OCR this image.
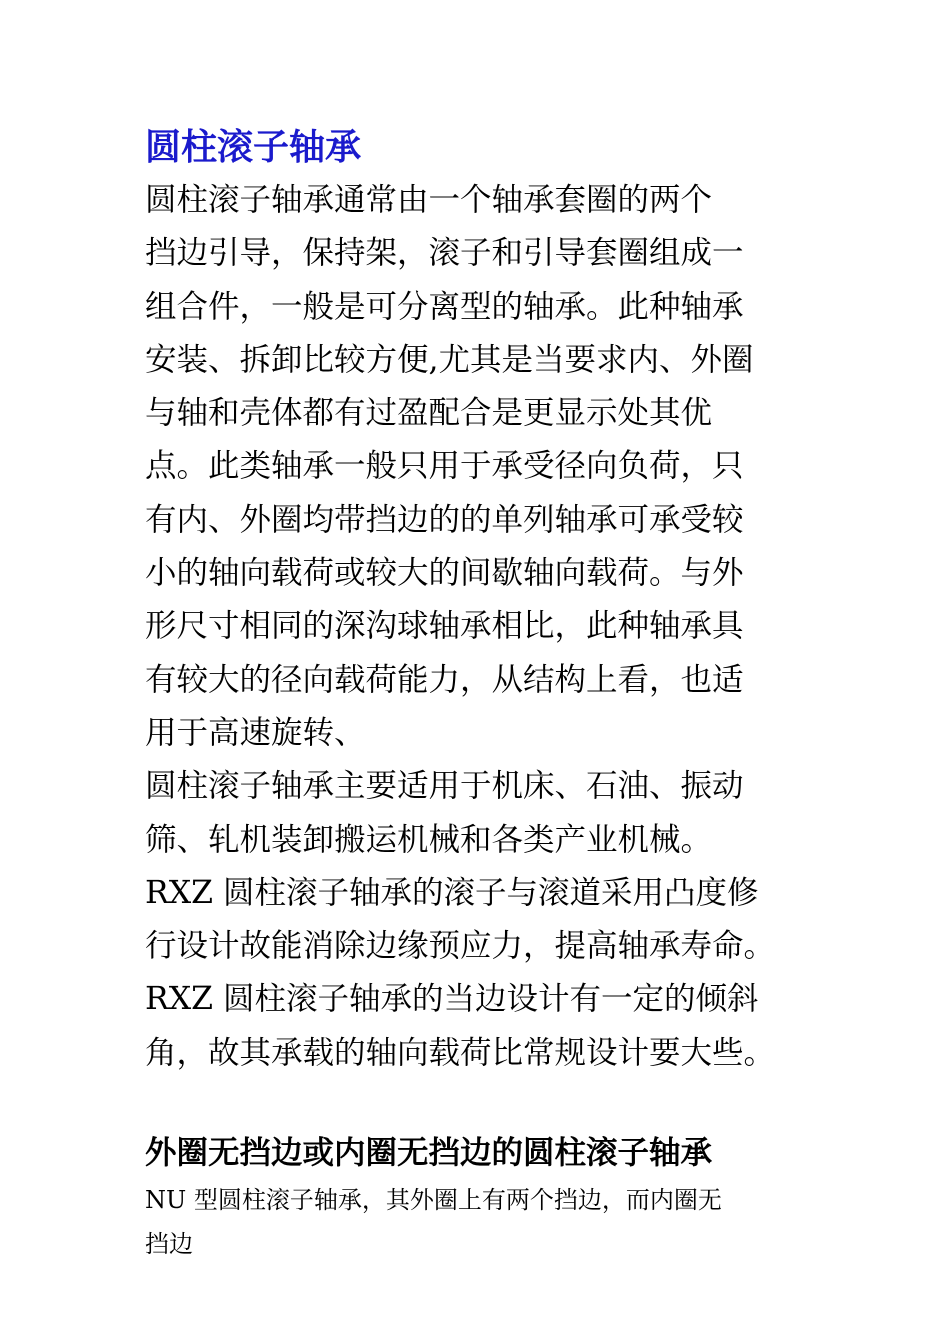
圆柱滚子轴承

圆柱滚子轴承通常由一个轴承套圈的两个
挡边引导，保持架，滚子和引导套圈组成一
组合件，一般是可分离型的轴承。此种轴承
安装、拆卸比较方便,尤其是当要求内、外圈
与轴和壳体都有过盈配合是更显示处其优
点。此类轴承一般只用于承受径向负荷，只
有内、外圈均带挡边的的单列轴承可承受较
小的轴向载荷或较大的间歇轴向载荷。与外
形尺寸相同的深沟球轴承相比，此种轴承具
有较大的径向载荷能力，从结构上看，也适
用于高速旋转、

圆柱滚子轴承主要适用于机床、石油、振动
筛、轧机装卸搬运机械和各类产业机械。

RXZ 圆柱滚子轴承的滚子与滚道采用凸度修
行设计故能消除边缘预应力，提高轴承寿命。

RXZ 圆柱滚子轴承的当边设计有一定的倾斜
角，故其承载的轴向载荷比常规设计要大些。

外圈无挡边或内圈无挡边的圆柱滚子轴承

NU 型圆柱滚子轴承，其外圈上有两个挡边，而内圈无
挡边
